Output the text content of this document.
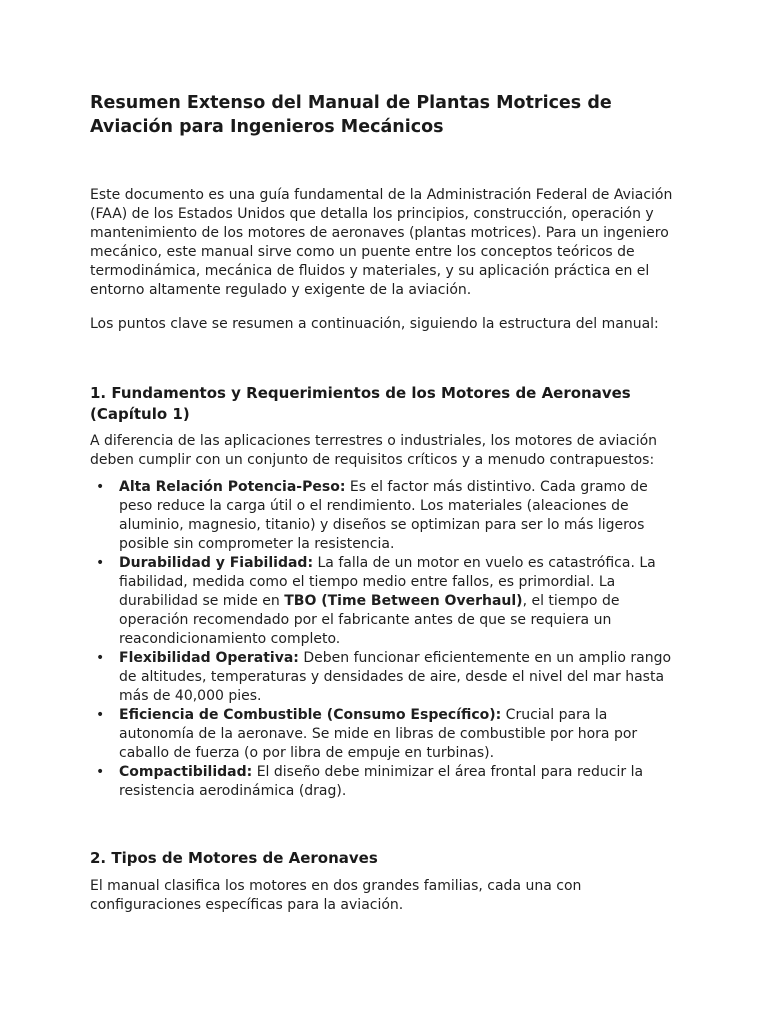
Resumen Extenso del Manual de Plantas Motrices de Aviación para Ingenieros Mecánicos

Este documento es una guía fundamental de la Administración Federal de Aviación (FAA) de los Estados Unidos que detalla los principios, construcción, operación y mantenimiento de los motores de aeronaves (plantas motrices). Para un ingeniero mecánico, este manual sirve como un puente entre los conceptos teóricos de termodinámica, mecánica de fluidos y materiales, y su aplicación práctica en el entorno altamente regulado y exigente de la aviación.

Los puntos clave se resumen a continuación, siguiendo la estructura del manual:

1. Fundamentos y Requerimientos de los Motores de Aeronaves (Capítulo 1)

A diferencia de las aplicaciones terrestres o industriales, los motores de aviación deben cumplir con un conjunto de requisitos críticos y a menudo contrapuestos:

• Alta Relación Potencia-Peso: Es el factor más distintivo. Cada gramo de peso reduce la carga útil o el rendimiento. Los materiales (aleaciones de aluminio, magnesio, titanio) y diseños se optimizan para ser lo más ligeros posible sin comprometer la resistencia.
• Durabilidad y Fiabilidad: La falla de un motor en vuelo es catastrófica. La fiabilidad, medida como el tiempo medio entre fallos, es primordial. La durabilidad se mide en TBO (Time Between Overhaul), el tiempo de operación recomendado por el fabricante antes de que se requiera un reacondicionamiento completo.
• Flexibilidad Operativa: Deben funcionar eficientemente en un amplio rango de altitudes, temperaturas y densidades de aire, desde el nivel del mar hasta más de 40,000 pies.
• Eficiencia de Combustible (Consumo Específico): Crucial para la autonomía de la aeronave. Se mide en libras de combustible por hora por caballo de fuerza (o por libra de empuje en turbinas).
• Compactibilidad: El diseño debe minimizar el área frontal para reducir la resistencia aerodinámica (drag).
2. Tipos de Motores de Aeronaves

El manual clasifica los motores en dos grandes familias, cada una con configuraciones específicas para la aviación.
